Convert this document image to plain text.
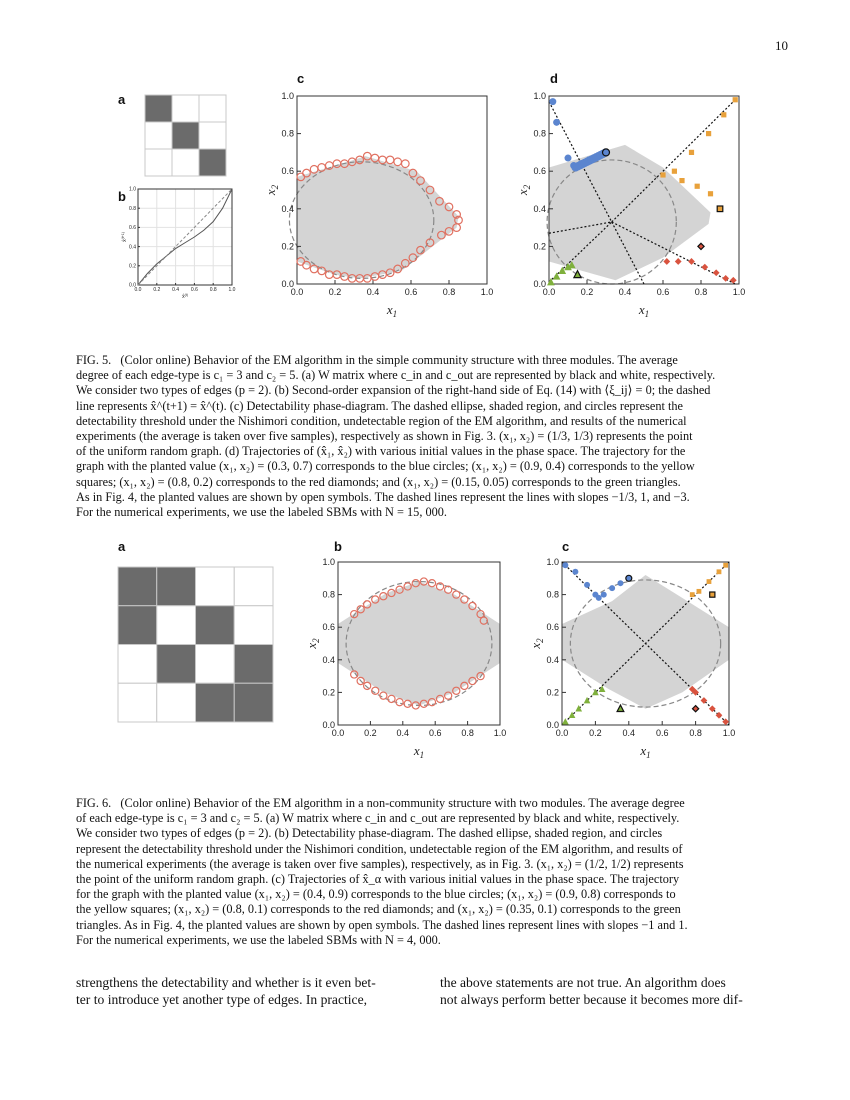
10
a
b
0.0 0.2 0.4 0.6 0.8 1.0
0.0
0.2
0.4
0.6
0.8
1.0
x̂$^{(t)}$
x̂$^{(t+1)}$
c
0.0	0.2	0.4	0.6	0.8	1.0
0.0
0.2
0.4
0.6
0.8
1.0
$x_1$
$x_2$
d
0.0	0.2	0.4	0.6	0.8	1.0
0.0
0.2
0.4
0.6
0.8
1.0
$x_1$
$x_2$
FIG. 5. (Color online) Behavior of the EM algorithm in the simple community structure with three modules. The average
degree of each edge-type is c₁ = 3 and c₂ = 5. (a) W matrix where c_in and c_out are represented by black and white, respectively.
We consider two types of edges (p = 2). (b) Second-order expansion of the right-hand side of Eq. (14) with ⟨ξ_ij⟩ = 0; the dashed
line represents x̂^(t+1) = x̂^(t). (c) Detectability phase-diagram. The dashed ellipse, shaded region, and circles represent the
detectability threshold under the Nishimori condition, undetectable region of the EM algorithm, and results of the numerical
experiments (the average is taken over five samples), respectively as shown in Fig. 3. (x₁, x₂) = (1/3, 1/3) represents the point
of the uniform random graph. (d) Trajectories of (x̂₁, x̂₂) with various initial values in the phase space. The trajectory for the
graph with the planted value (x₁, x₂) = (0.3, 0.7) corresponds to the blue circles; (x₁, x₂) = (0.9, 0.4) corresponds to the yellow
squares; (x₁, x₂) = (0.8, 0.2) corresponds to the red diamonds; and (x₁, x₂) = (0.15, 0.05) corresponds to the green triangles.
As in Fig. 4, the planted values are shown by open symbols. The dashed lines represent the lines with slopes −1/3, 1, and −3.
For the numerical experiments, we use the labeled SBMs with N = 15, 000.
a	b
0.0 0.2 0.4 0.6 0.8 1.0
0.0
0.2
0.4
0.6
0.8
1.0
$x_1$
$x_2$
c
0.0 0.2 0.4 0.6 0.8 1.0
0.0
0.2
0.4
0.6
0.8
1.0
$x_1$
$x_2$
FIG. 6. (Color online) Behavior of the EM algorithm in a non-community structure with two modules. The average degree
of each edge-type is c₁ = 3 and c₂ = 5. (a) W matrix where c_in and c_out are represented by black and white, respectively.
We consider two types of edges (p = 2). (b) Detectability phase-diagram. The dashed ellipse, shaded region, and circles
represent the detectability threshold under the Nishimori condition, undetectable region of the EM algorithm, and results of
the numerical experiments (the average is taken over five samples), respectively, as in Fig. 3. (x₁, x₂) = (1/2, 1/2) represents
the point of the uniform random graph. (c) Trajectories of x̂_α with various initial values in the phase space. The trajectory
for the graph with the planted value (x₁, x₂) = (0.4, 0.9) corresponds to the blue circles; (x₁, x₂) = (0.9, 0.8) corresponds to
the yellow squares; (x₁, x₂) = (0.8, 0.1) corresponds to the red diamonds; and (x₁, x₂) = (0.35, 0.1) corresponds to the green
triangles. As in Fig. 4, the planted values are shown by open symbols. The dashed lines represent lines with slopes −1 and 1.
For the numerical experiments, we use the labeled SBMs with N = 4, 000.
strengthens the detectability and whether is it even bet-
ter to introduce yet another type of edges. In practice,
the above statements are not true. An algorithm does
not always perform better because it becomes more dif-
